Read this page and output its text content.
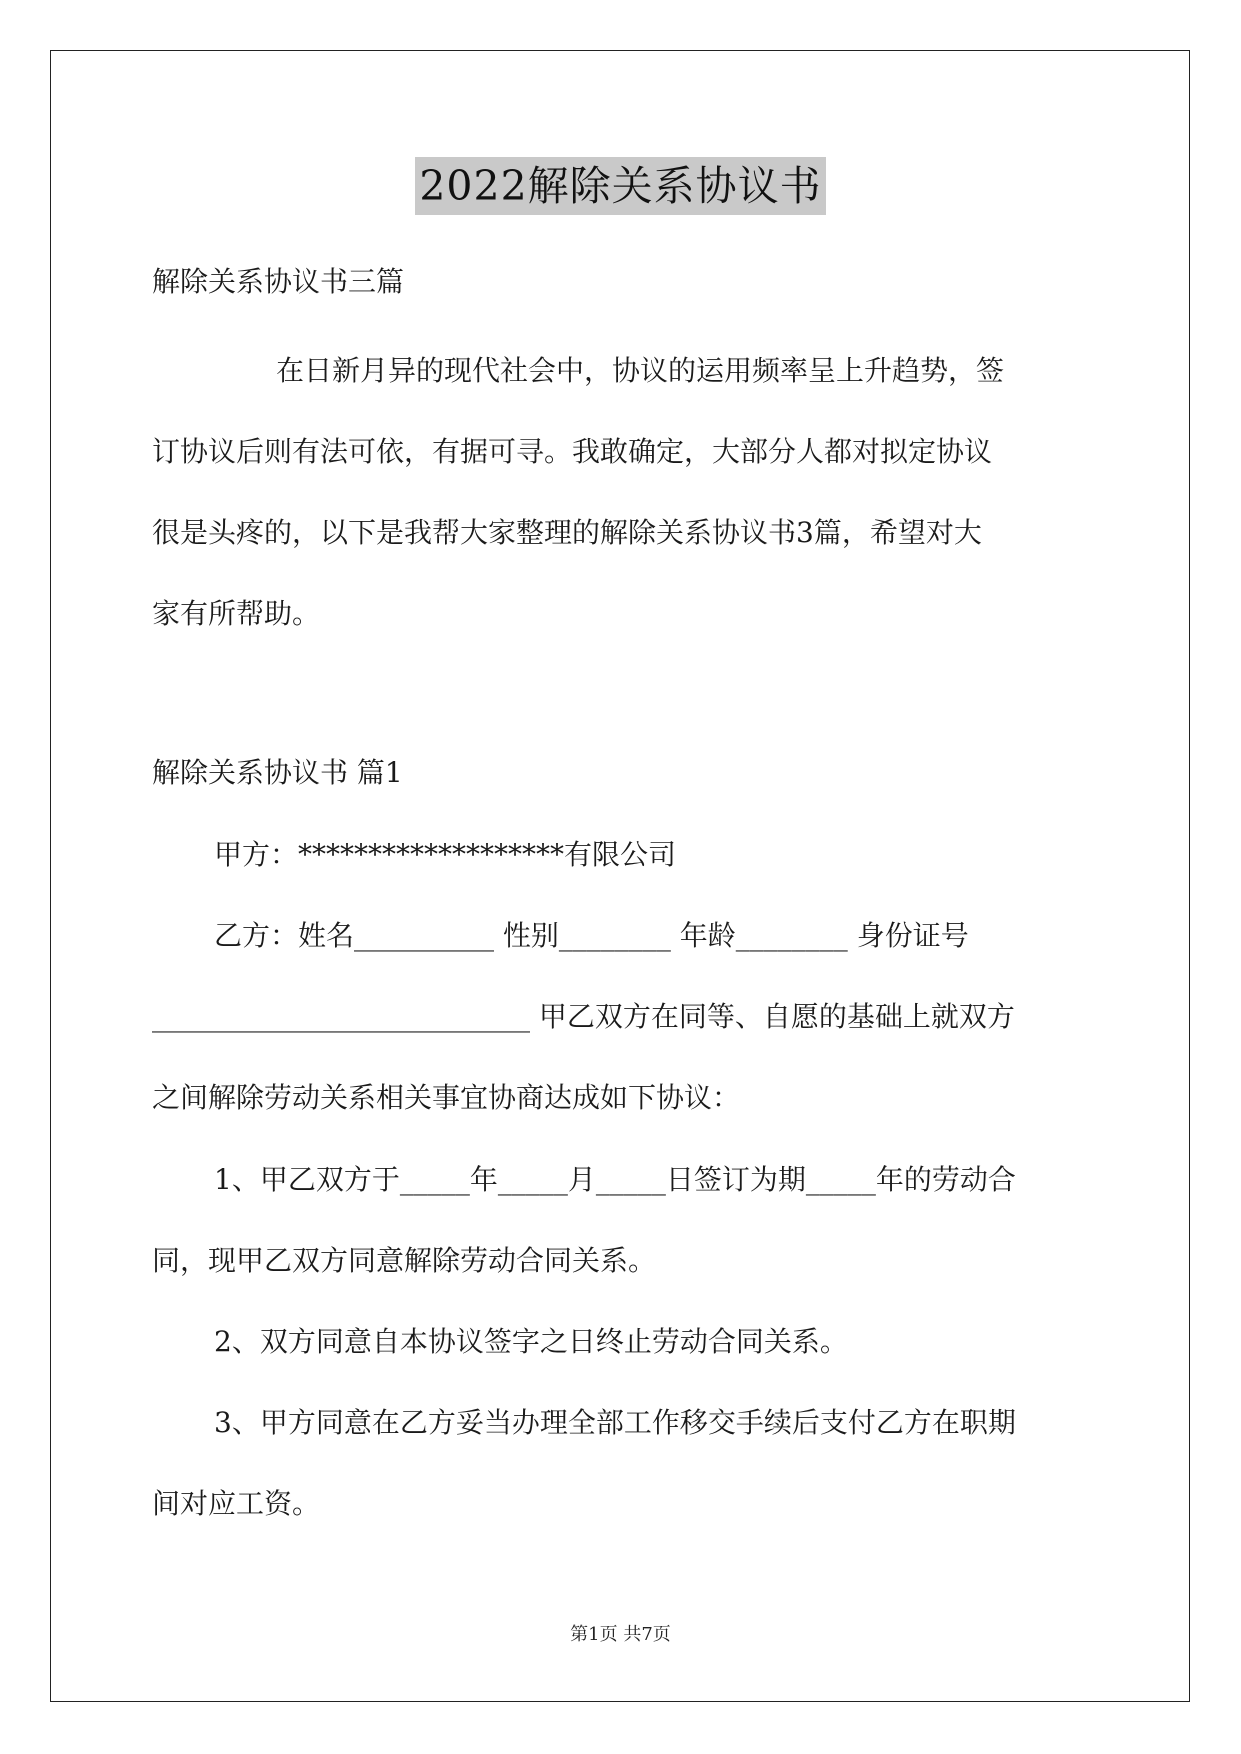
2022解除关系协议书
解除关系协议书三篇
在日新月异的现代社会中，协议的运用频率呈上升趋势，签
订协议后则有法可依，有据可寻。我敢确定，大部分人都对拟定协议
很是头疼的，以下是我帮大家整理的解除关系协议书3篇，希望对大
家有所帮助。
解除关系协议书 篇1
甲方：*******************有限公司
乙方：姓名__________ 性别________ 年龄________ 身份证号
___________________________ 甲乙双方在同等、自愿的基础上就双方
之间解除劳动关系相关事宜协商达成如下协议：
1、甲乙双方于_____年_____月_____日签订为期_____年的劳动合
同，现甲乙双方同意解除劳动合同关系。
2、双方同意自本协议签字之日终止劳动合同关系。
3、甲方同意在乙方妥当办理全部工作移交手续后支付乙方在职期
间对应工资。
第1页 共7页
